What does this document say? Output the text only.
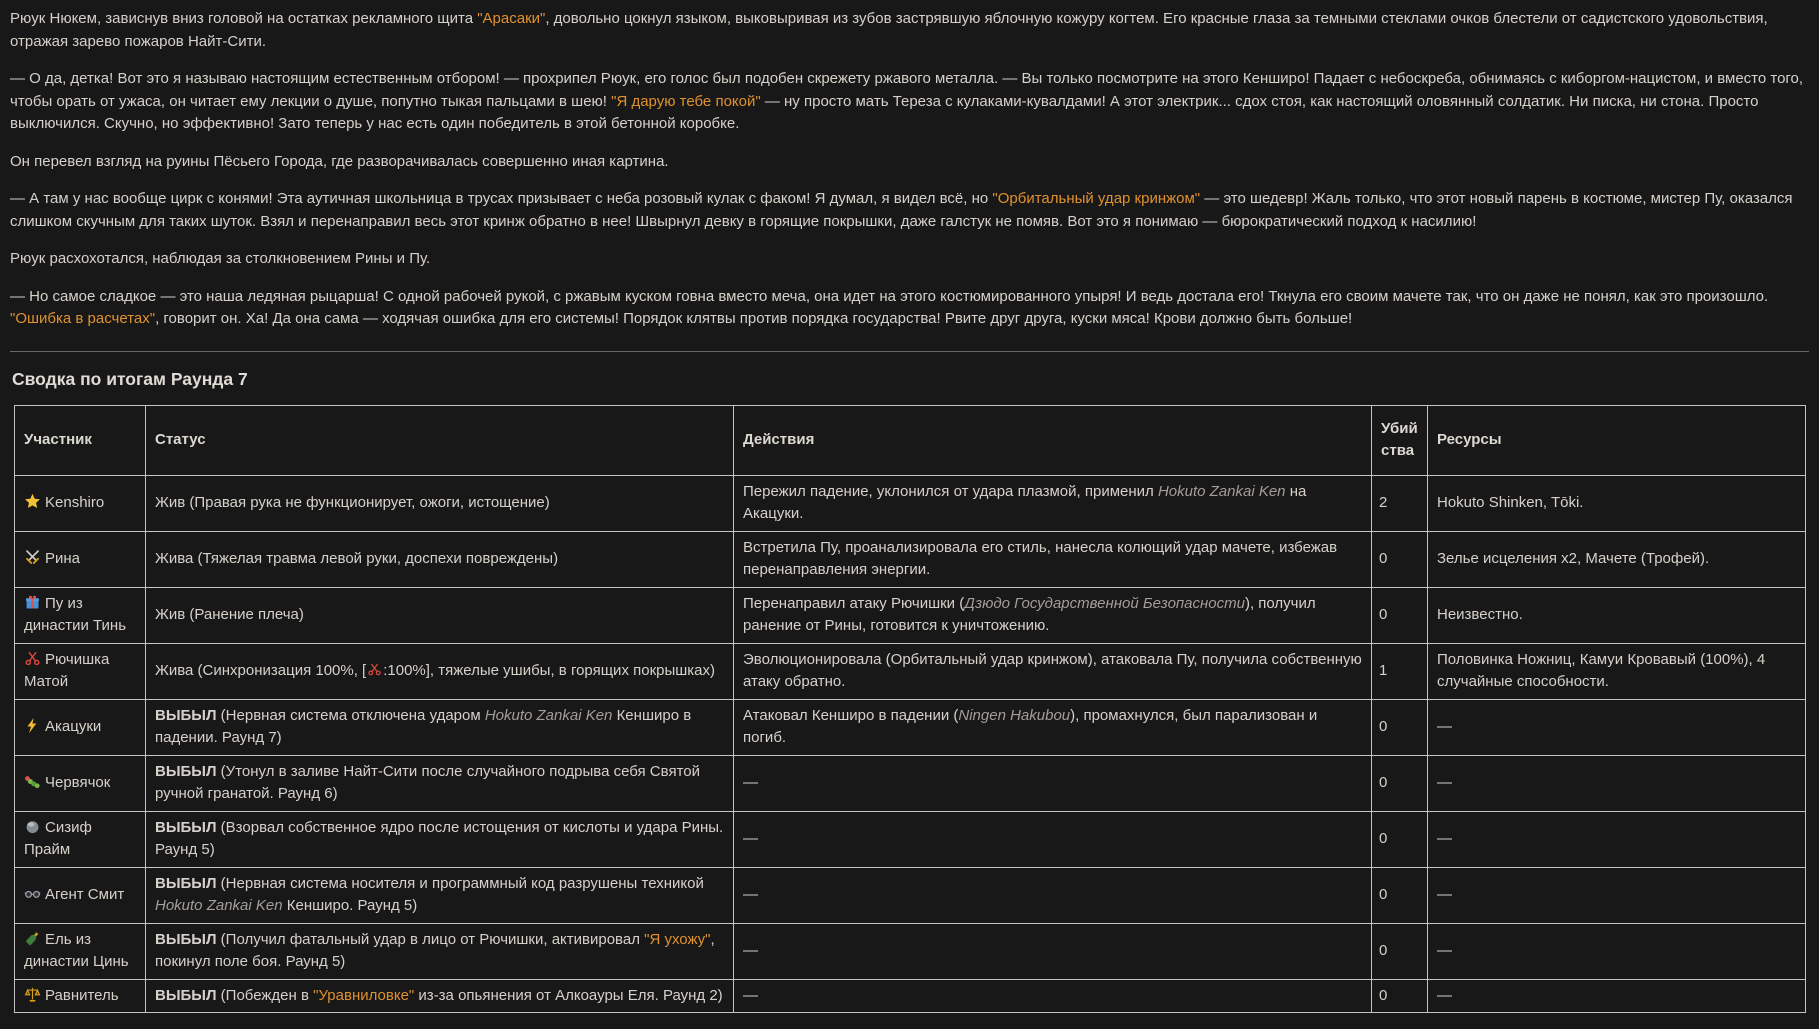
Рюук Нюкем, зависнув вниз головой на остатках рекламного щита "Арасаки", довольно цокнул языком, выковыривая из зубов застрявшую яблочную кожуру когтем. Его красные глаза за темными стеклами очков блестели от садистского удовольствия, отражая зарево пожаров Найт-Сити.

— О да, детка! Вот это я называю настоящим естественным отбором! — прохрипел Рюук, его голос был подобен скрежету ржавого металла. — Вы только посмотрите на этого Кенширо! Падает с небоскреба, обнимаясь с киборгом-нацистом, и вместо того, чтобы орать от ужаса, он читает ему лекции о душе, попутно тыкая пальцами в шею! "Я дарую тебе покой" — ну просто мать Тереза с кулаками-кувалдами! А этот электрик... сдох стоя, как настоящий оловянный солдатик. Ни писка, ни стона. Просто выключился. Скучно, но эффективно! Зато теперь у нас есть один победитель в этой бетонной коробке.

Он перевел взгляд на руины Пёсьего Города, где разворачивалась совершенно иная картина.

— А там у нас вообще цирк с конями! Эта аутичная школьница в трусах призывает с неба розовый кулак с факом! Я думал, я видел всё, но "Орбитальный удар кринжом" — это шедевр! Жаль только, что этот новый парень в костюме, мистер Пу, оказался слишком скучным для таких шуток. Взял и перенаправил весь этот кринж обратно в нее! Швырнул девку в горящие покрышки, даже галстук не помяв. Вот это я понимаю — бюрократический подход к насилию!

Рюук расхохотался, наблюдая за столкновением Рины и Пу.

— Но самое сладкое — это наша ледяная рыцарша! С одной рабочей рукой, с ржавым куском говна вместо меча, она идет на этого костюмированного упыря! И ведь достала его! Ткнула его своим мачете так, что он даже не понял, как это произошло. "Ошибка в расчетах", говорит он. Ха! Да она сама — ходячая ошибка для его системы! Порядок клятвы против порядка государства! Рвите друг друга, куски мяса! Крови должно быть больше!

Сводка по итогам Раунда 7
Участник	Статус	Действия	Убийства	Ресурсы
Kenshiro	Жив (Правая рука не функционирует, ожоги, истощение)	Пережил падение, уклонился от удара плазмой, применил Hokuto Zankai Ken на Акацуки.	2	Hokuto Shinken, Tōki.
Рина	Жива (Тяжелая травма левой руки, доспехи повреждены)	Встретила Пу, проанализировала его стиль, нанесла колющий удар мачете, избежав перенаправления энергии.	0	Зелье исцеления x2, Мачете (Трофей).
Пу из династии Тинь	Жив (Ранение плеча)	Перенаправил атаку Рючишки (Дзюдо Государственной Безопасности), получил ранение от Рины, готовится к уничтожению.	0	Неизвестно.
Рючишка Матой	Жива (Синхронизация 100%, [ :100%], тяжелые ушибы, в горящих покрышках)	Эволюционировала (Орбитальный удар кринжом), атаковала Пу, получила собственную атаку обратно.	1	Половинка Ножниц, Камуи Кровавый (100%), 4 случайные способности.
Акацуки	ВЫБЫЛ (Нервная система отключена ударом Hokuto Zankai Ken Кенширо в падении. Раунд 7)	Атаковал Кенширо в падении (Ningen Hakubou), промахнулся, был парализован и погиб.	0	—
Червячок	ВЫБЫЛ (Утонул в заливе Найт-Сити после случайного подрыва себя Святой ручной гранатой. Раунд 6)	—	0	—
Сизиф Прайм	ВЫБЫЛ (Взорвал собственное ядро после истощения от кислоты и удара Рины. Раунд 5)	—	0	—
Агент Смит	ВЫБЫЛ (Нервная система носителя и программный код разрушены техникой Hokuto Zankai Ken Кенширо. Раунд 5)	—	0	—
Ель из династии Цинь	ВЫБЫЛ (Получил фатальный удар в лицо от Рючишки, активировал "Я ухожу", покинул поле боя. Раунд 5)	—	0	—
Равнитель	ВЫБЫЛ (Побежден в "Уравниловке" из-за опьянения от Алкоауры Еля. Раунд 2)	—	0	—
